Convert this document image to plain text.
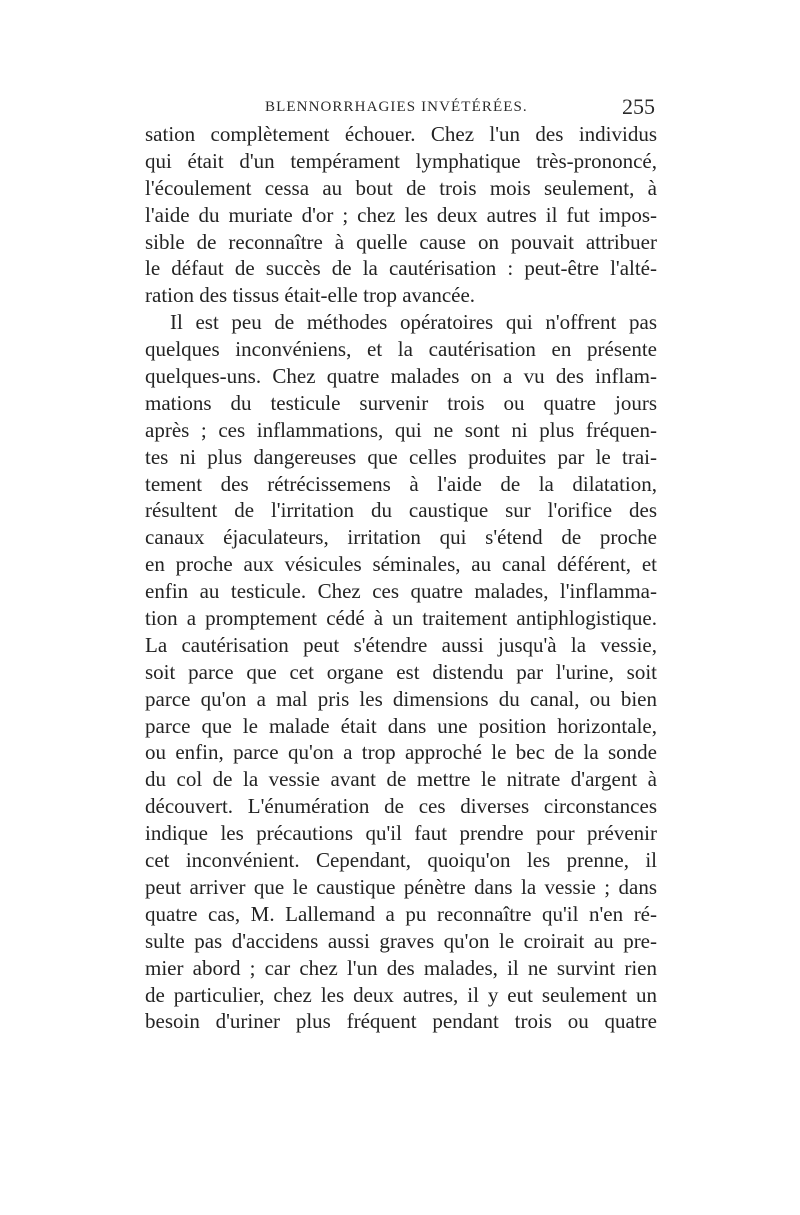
BLENNORRHAGIES INVÉTÉRÉES.	255
sation complètement échouer. Chez l'un des individus
qui était d'un tempérament lymphatique très-prononcé,
l'écoulement cessa au bout de trois mois seulement, à
l'aide du muriate d'or ; chez les deux autres il fut impos-
sible de reconnaître à quelle cause on pouvait attribuer
le défaut de succès de la cautérisation : peut-être l'alté-
ration des tissus était-elle trop avancée.
Il est peu de méthodes opératoires qui n'offrent pas
quelques inconvéniens, et la cautérisation en présente
quelques-uns. Chez quatre malades on a vu des inflam-
mations du testicule survenir trois ou quatre jours
après ; ces inflammations, qui ne sont ni plus fréquen-
tes ni plus dangereuses que celles produites par le trai-
tement des rétrécissemens à l'aide de la dilatation,
résultent de l'irritation du caustique sur l'orifice des
canaux éjaculateurs, irritation qui s'étend de proche
en proche aux vésicules séminales, au canal déférent, et
enfin au testicule. Chez ces quatre malades, l'inflamma-
tion a promptement cédé à un traitement antiphlogistique.
La cautérisation peut s'étendre aussi jusqu'à la vessie,
soit parce que cet organe est distendu par l'urine, soit
parce qu'on a mal pris les dimensions du canal, ou bien
parce que le malade était dans une position horizontale,
ou enfin, parce qu'on a trop approché le bec de la sonde
du col de la vessie avant de mettre le nitrate d'argent à
découvert. L'énumération de ces diverses circonstances
indique les précautions qu'il faut prendre pour prévenir
cet inconvénient. Cependant, quoiqu'on les prenne, il
peut arriver que le caustique pénètre dans la vessie ; dans
quatre cas, M. Lallemand a pu reconnaître qu'il n'en ré-
sulte pas d'accidens aussi graves qu'on le croirait au pre-
mier abord ; car chez l'un des malades, il ne survint rien
de particulier, chez les deux autres, il y eut seulement un
besoin d'uriner plus fréquent pendant trois ou quatre
